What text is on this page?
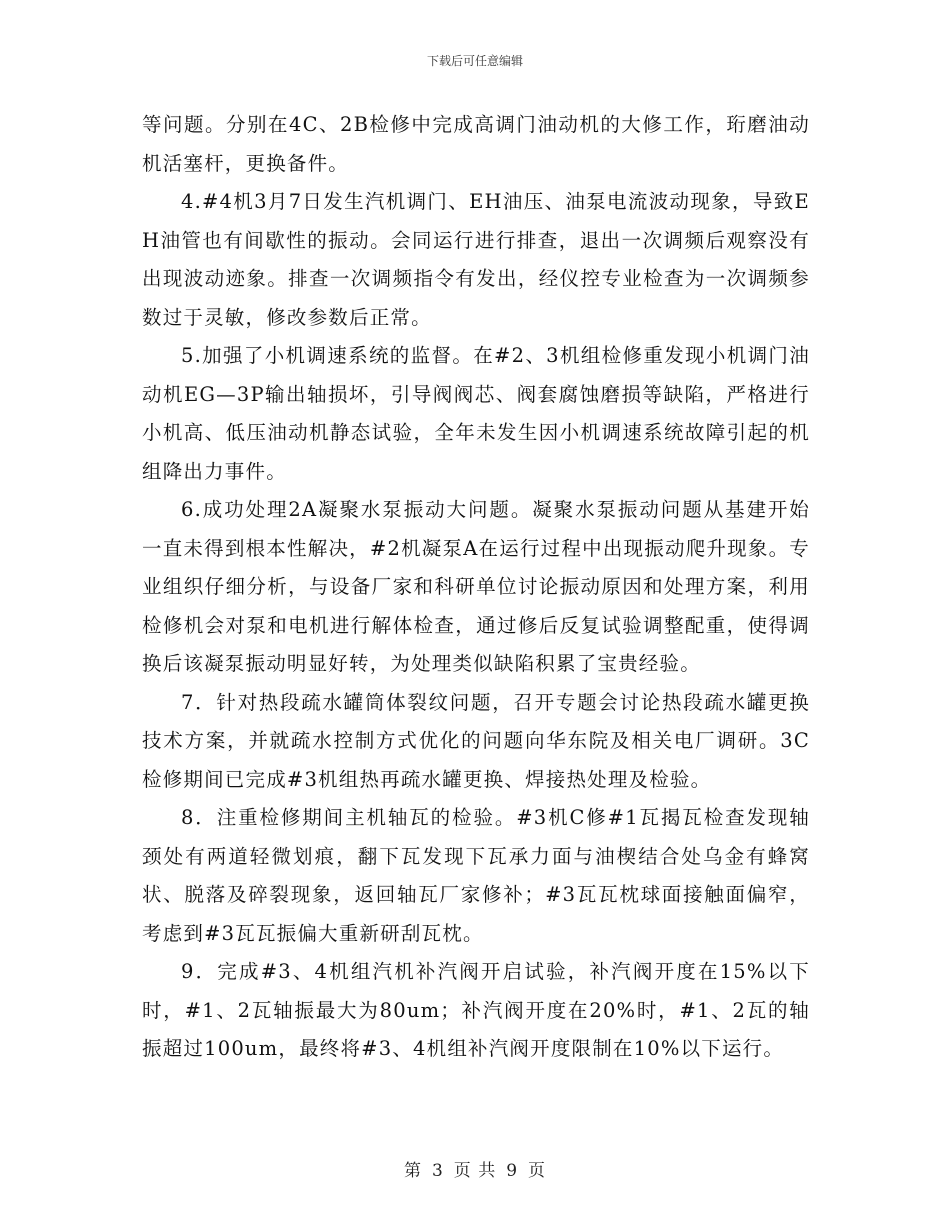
下载后可任意编辑

等问题。分别在4C、2B检修中完成高调门油动机的大修工作，珩磨油动机活塞杆，更换备件。

4.#4机3月7日发生汽机调门、EH油压、油泵电流波动现象，导致EH油管也有间歇性的振动。会同运行进行排查，退出一次调频后观察没有出现波动迹象。排查一次调频指令有发出，经仪控专业检查为一次调频参数过于灵敏，修改参数后正常。

5.加强了小机调速系统的监督。在#2、3机组检修重发现小机调门油动机EG—3P输出轴损坏，引导阀阀芯、阀套腐蚀磨损等缺陷，严格进行小机高、低压油动机静态试验，全年未发生因小机调速系统故障引起的机组降出力事件。

6.成功处理2A凝聚水泵振动大问题。凝聚水泵振动问题从基建开始一直未得到根本性解决，#2机凝泵A在运行过程中出现振动爬升现象。专业组织仔细分析，与设备厂家和科研单位讨论振动原因和处理方案，利用检修机会对泵和电机进行解体检查，通过修后反复试验调整配重，使得调换后该凝泵振动明显好转，为处理类似缺陷积累了宝贵经验。

7．针对热段疏水罐筒体裂纹问题，召开专题会讨论热段疏水罐更换技术方案，并就疏水控制方式优化的问题向华东院及相关电厂调研。3C检修期间已完成#3机组热再疏水罐更换、焊接热处理及检验。

8．注重检修期间主机轴瓦的检验。#3机C修#1瓦揭瓦检查发现轴颈处有两道轻微划痕，翻下瓦发现下瓦承力面与油楔结合处乌金有蜂窝状、脱落及碎裂现象，返回轴瓦厂家修补；#3瓦瓦枕球面接触面偏窄，考虑到#3瓦瓦振偏大重新研刮瓦枕。

9．完成#3、4机组汽机补汽阀开启试验，补汽阀开度在15%以下时，#1、2瓦轴振最大为80um；补汽阀开度在20%时，#1、2瓦的轴振超过100um，最终将#3、4机组补汽阀开度限制在10%以下运行。

第 3 页 共 9 页
